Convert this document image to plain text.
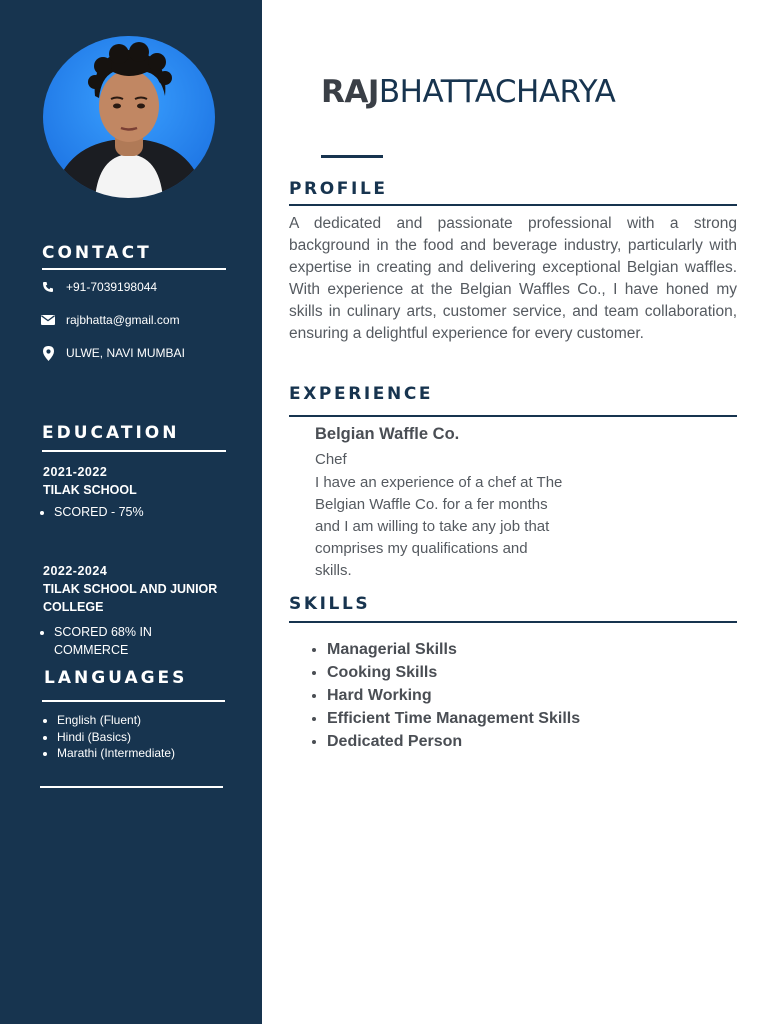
CONTACT
+91-7039198044
rajbhatta@gmail.com
ULWE, NAVI MUMBAI
EDUCATION
2021-2022
TILAK SCHOOL
• SCORED - 75%
2022-2024
TILAK SCHOOL AND JUNIOR COLLEGE
• SCORED 68% IN COMMERCE
LANGUAGES
• English (Fluent)
• Hindi (Basics)
• Marathi (Intermediate)
RAJBHATTACHARYA
PROFILE
A dedicated and passionate professional with a strong background in the food and beverage industry, particularly with expertise in creating and delivering exceptional Belgian waffles. With experience at the Belgian Waffles Co., I have honed my skills in culinary arts, customer service, and team collaboration, ensuring a delightful experience for every customer.
EXPERIENCE
Belgian Waffle Co.
Chef
I have an experience of a chef at The Belgian Waffle Co. for a fer months and I am willing to take any job that comprises my qualifications and skills.
SKILLS
• Managerial Skills
• Cooking Skills
• Hard Working
• Efficient Time Management Skills
• Dedicated Person
